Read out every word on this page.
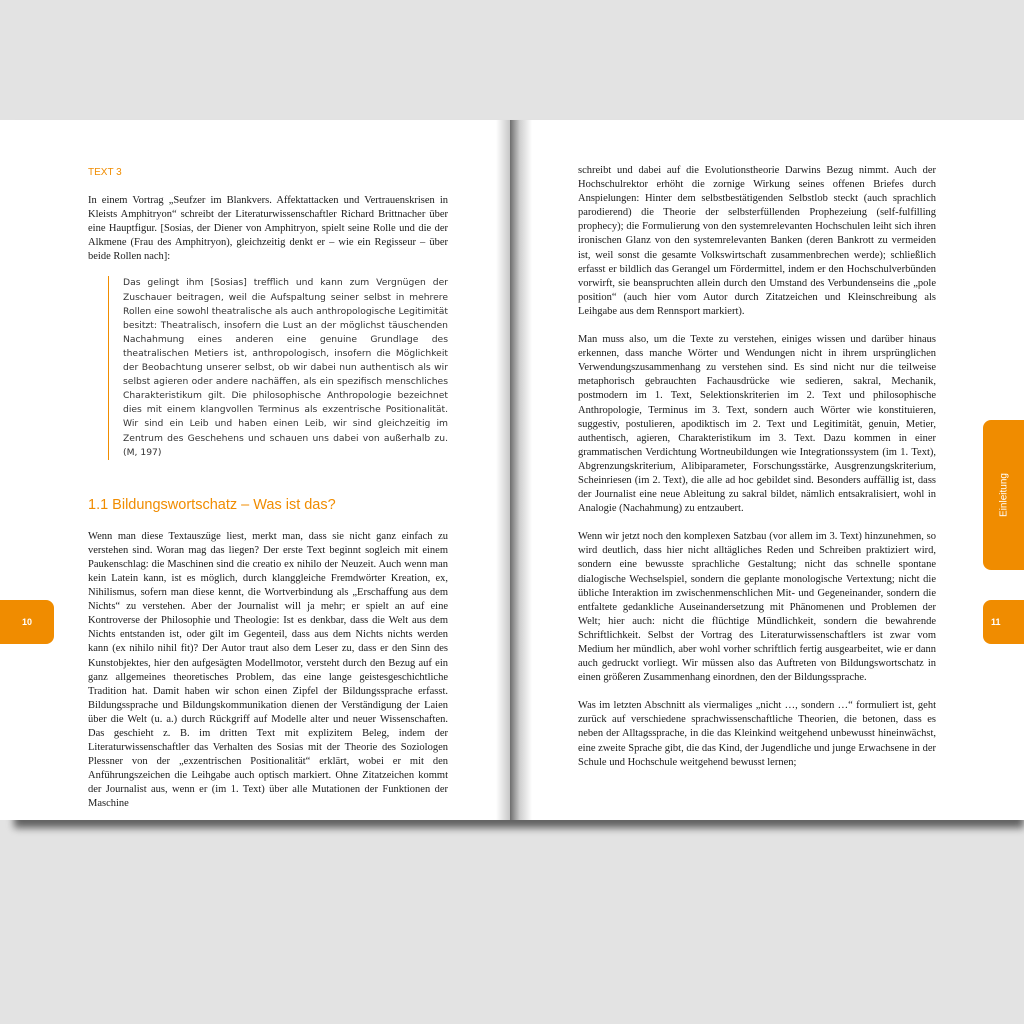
TEXT 3

In einem Vortrag „Seufzer im Blankvers. Affektattacken und Vertrauenskrisen in Kleists Amphitryon“ schreibt der Literaturwissenschaftler Richard Brittnacher über eine Hauptfigur. [Sosias, der Diener von Amphitryon, spielt seine Rolle und die der Alkmene (Frau des Amphitryon), gleichzeitig denkt er – wie ein Regisseur – über beide Rollen nach]:

Das gelingt ihm [Sosias] trefflich und kann zum Vergnügen der Zuschauer beitragen, weil die Aufspaltung seiner selbst in mehrere Rollen eine sowohl theatralische als auch anthropologische Legitimität besitzt: Theatralisch, insofern die Lust an der möglichst täuschenden Nachahmung eines anderen eine genuine Grundlage des theatralischen Metiers ist, anthropologisch, insofern die Möglichkeit der Beobachtung unserer selbst, ob wir dabei nun authentisch als wir selbst agieren oder andere nachäffen, als ein spezifisch menschliches Charakteristikum gilt. Die philosophische Anthropologie bezeichnet dies mit einem klangvollen Terminus als exzentrische Positionalität. Wir sind ein Leib und haben einen Leib, wir sind gleichzeitig im Zentrum des Geschehens und schauen uns dabei von außerhalb zu. (M, 197)
1.1 Bildungswortschatz – Was ist das?

Wenn man diese Textauszüge liest, merkt man, dass sie nicht ganz einfach zu verstehen sind. Woran mag das liegen? Der erste Text beginnt sogleich mit einem Paukenschlag: die Maschinen sind die creatio ex nihilo der Neuzeit. Auch wenn man kein Latein kann, ist es möglich, durch klanggleiche Fremdwörter Kreation, ex, Nihilismus, sofern man diese kennt, die Wortverbindung als „Erschaffung aus dem Nichts“ zu verstehen. Aber der Journalist will ja mehr; er spielt an auf eine Kontroverse der Philosophie und Theologie: Ist es denkbar, dass die Welt aus dem Nichts entstanden ist, oder gilt im Gegenteil, dass aus dem Nichts nichts werden kann (ex nihilo nihil fit)? Der Autor traut also dem Leser zu, dass er den Sinn des Kunstobjektes, hier den aufgesägten Modellmotor, versteht durch den Bezug auf ein ganz allgemeines theoretisches Problem, das eine lange geistesgeschichtliche Tradition hat. Damit haben wir schon einen Zipfel der Bildungssprache erfasst. Bildungssprache und Bildungskommunikation dienen der Verständigung der Laien über die Welt (u. a.) durch Rückgriff auf Modelle alter und neuer Wissenschaften. Das geschieht z. B. im dritten Text mit explizitem Beleg, indem der Literaturwissenschaftler das Verhalten des Sosias mit der Theorie des Soziologen Plessner von der „exzentrischen Positionalität“ erklärt, wobei er mit den Anführungszeichen die Leihgabe auch optisch markiert. Ohne Zitatzeichen kommt der Journalist aus, wenn er (im 1. Text) über alle Mutationen der Funktionen der Maschine

schreibt und dabei auf die Evolutionstheorie Darwins Bezug nimmt. Auch der Hochschulrektor erhöht die zornige Wirkung seines offenen Briefes durch Anspielungen: Hinter dem selbstbestätigenden Selbstlob steckt (auch sprachlich parodierend) die Theorie der selbsterfüllenden Prophezeiung (self-fulfilling prophecy); die Formulierung von den systemrelevanten Hochschulen leiht sich ihren ironischen Glanz von den systemrelevanten Banken (deren Bankrott zu vermeiden ist, weil sonst die gesamte Volkswirtschaft zusammenbrechen werde); schließlich erfasst er bildlich das Gerangel um Fördermittel, indem er den Hochschulverbünden vorwirft, sie beanspruchten allein durch den Umstand des Verbundenseins die „pole position“ (auch hier vom Autor durch Zitatzeichen und Kleinschreibung als Leihgabe aus dem Rennsport markiert).

Man muss also, um die Texte zu verstehen, einiges wissen und darüber hinaus erkennen, dass manche Wörter und Wendungen nicht in ihrem ursprünglichen Verwendungszusammenhang zu verstehen sind. Es sind nicht nur die teilweise metaphorisch gebrauchten Fachausdrücke wie sedieren, sakral, Mechanik, postmodern im 1. Text, Selektionskriterien im 2. Text und philosophische Anthropologie, Terminus im 3. Text, sondern auch Wörter wie konstituieren, suggestiv, postulieren, apodiktisch im 2. Text und Legitimität, genuin, Metier, authentisch, agieren, Charakteristikum im 3. Text. Dazu kommen in einer grammatischen Verdichtung Wortneubildungen wie Integrationssystem (im 1. Text), Abgrenzungskriterium, Alibiparameter, Forschungsstärke, Ausgrenzungskriterium, Scheinriesen (im 2. Text), die alle ad hoc gebildet sind. Besonders auffällig ist, dass der Journalist eine neue Ableitung zu sakral bildet, nämlich entsakralisiert, wohl in Analogie (Nachahmung) zu entzaubert.

Wenn wir jetzt noch den komplexen Satzbau (vor allem im 3. Text) hinzunehmen, so wird deutlich, dass hier nicht alltägliches Reden und Schreiben praktiziert wird, sondern eine bewusste sprachliche Gestaltung; nicht das schnelle spontane dialogische Wechselspiel, sondern die geplante monologische Vertextung; nicht die übliche Interaktion im zwischenmenschlichen Mit- und Gegeneinander, sondern die entfaltete gedankliche Auseinandersetzung mit Phänomenen und Problemen der Welt; hier auch: nicht die flüchtige Mündlichkeit, sondern die bewahrende Schriftlichkeit. Selbst der Vortrag des Literaturwissenschaftlers ist zwar vom Medium her mündlich, aber wohl vorher schriftlich fertig ausgearbeitet, wie er dann auch gedruckt vorliegt. Wir müssen also das Auftreten von Bildungswortschatz in einen größeren Zusammenhang einordnen, den der Bildungssprache.

Was im letzten Abschnitt als viermaliges „nicht …, sondern …“ formuliert ist, geht zurück auf verschiedene sprachwissenschaftliche Theorien, die betonen, dass es neben der Alltagssprache, in die das Kleinkind weitgehend unbewusst hineinwächst, eine zweite Sprache gibt, die das Kind, der Jugendliche und junge Erwachsene in der Schule und Hochschule weitgehend bewusst lernen;

10
Einleitung
11
